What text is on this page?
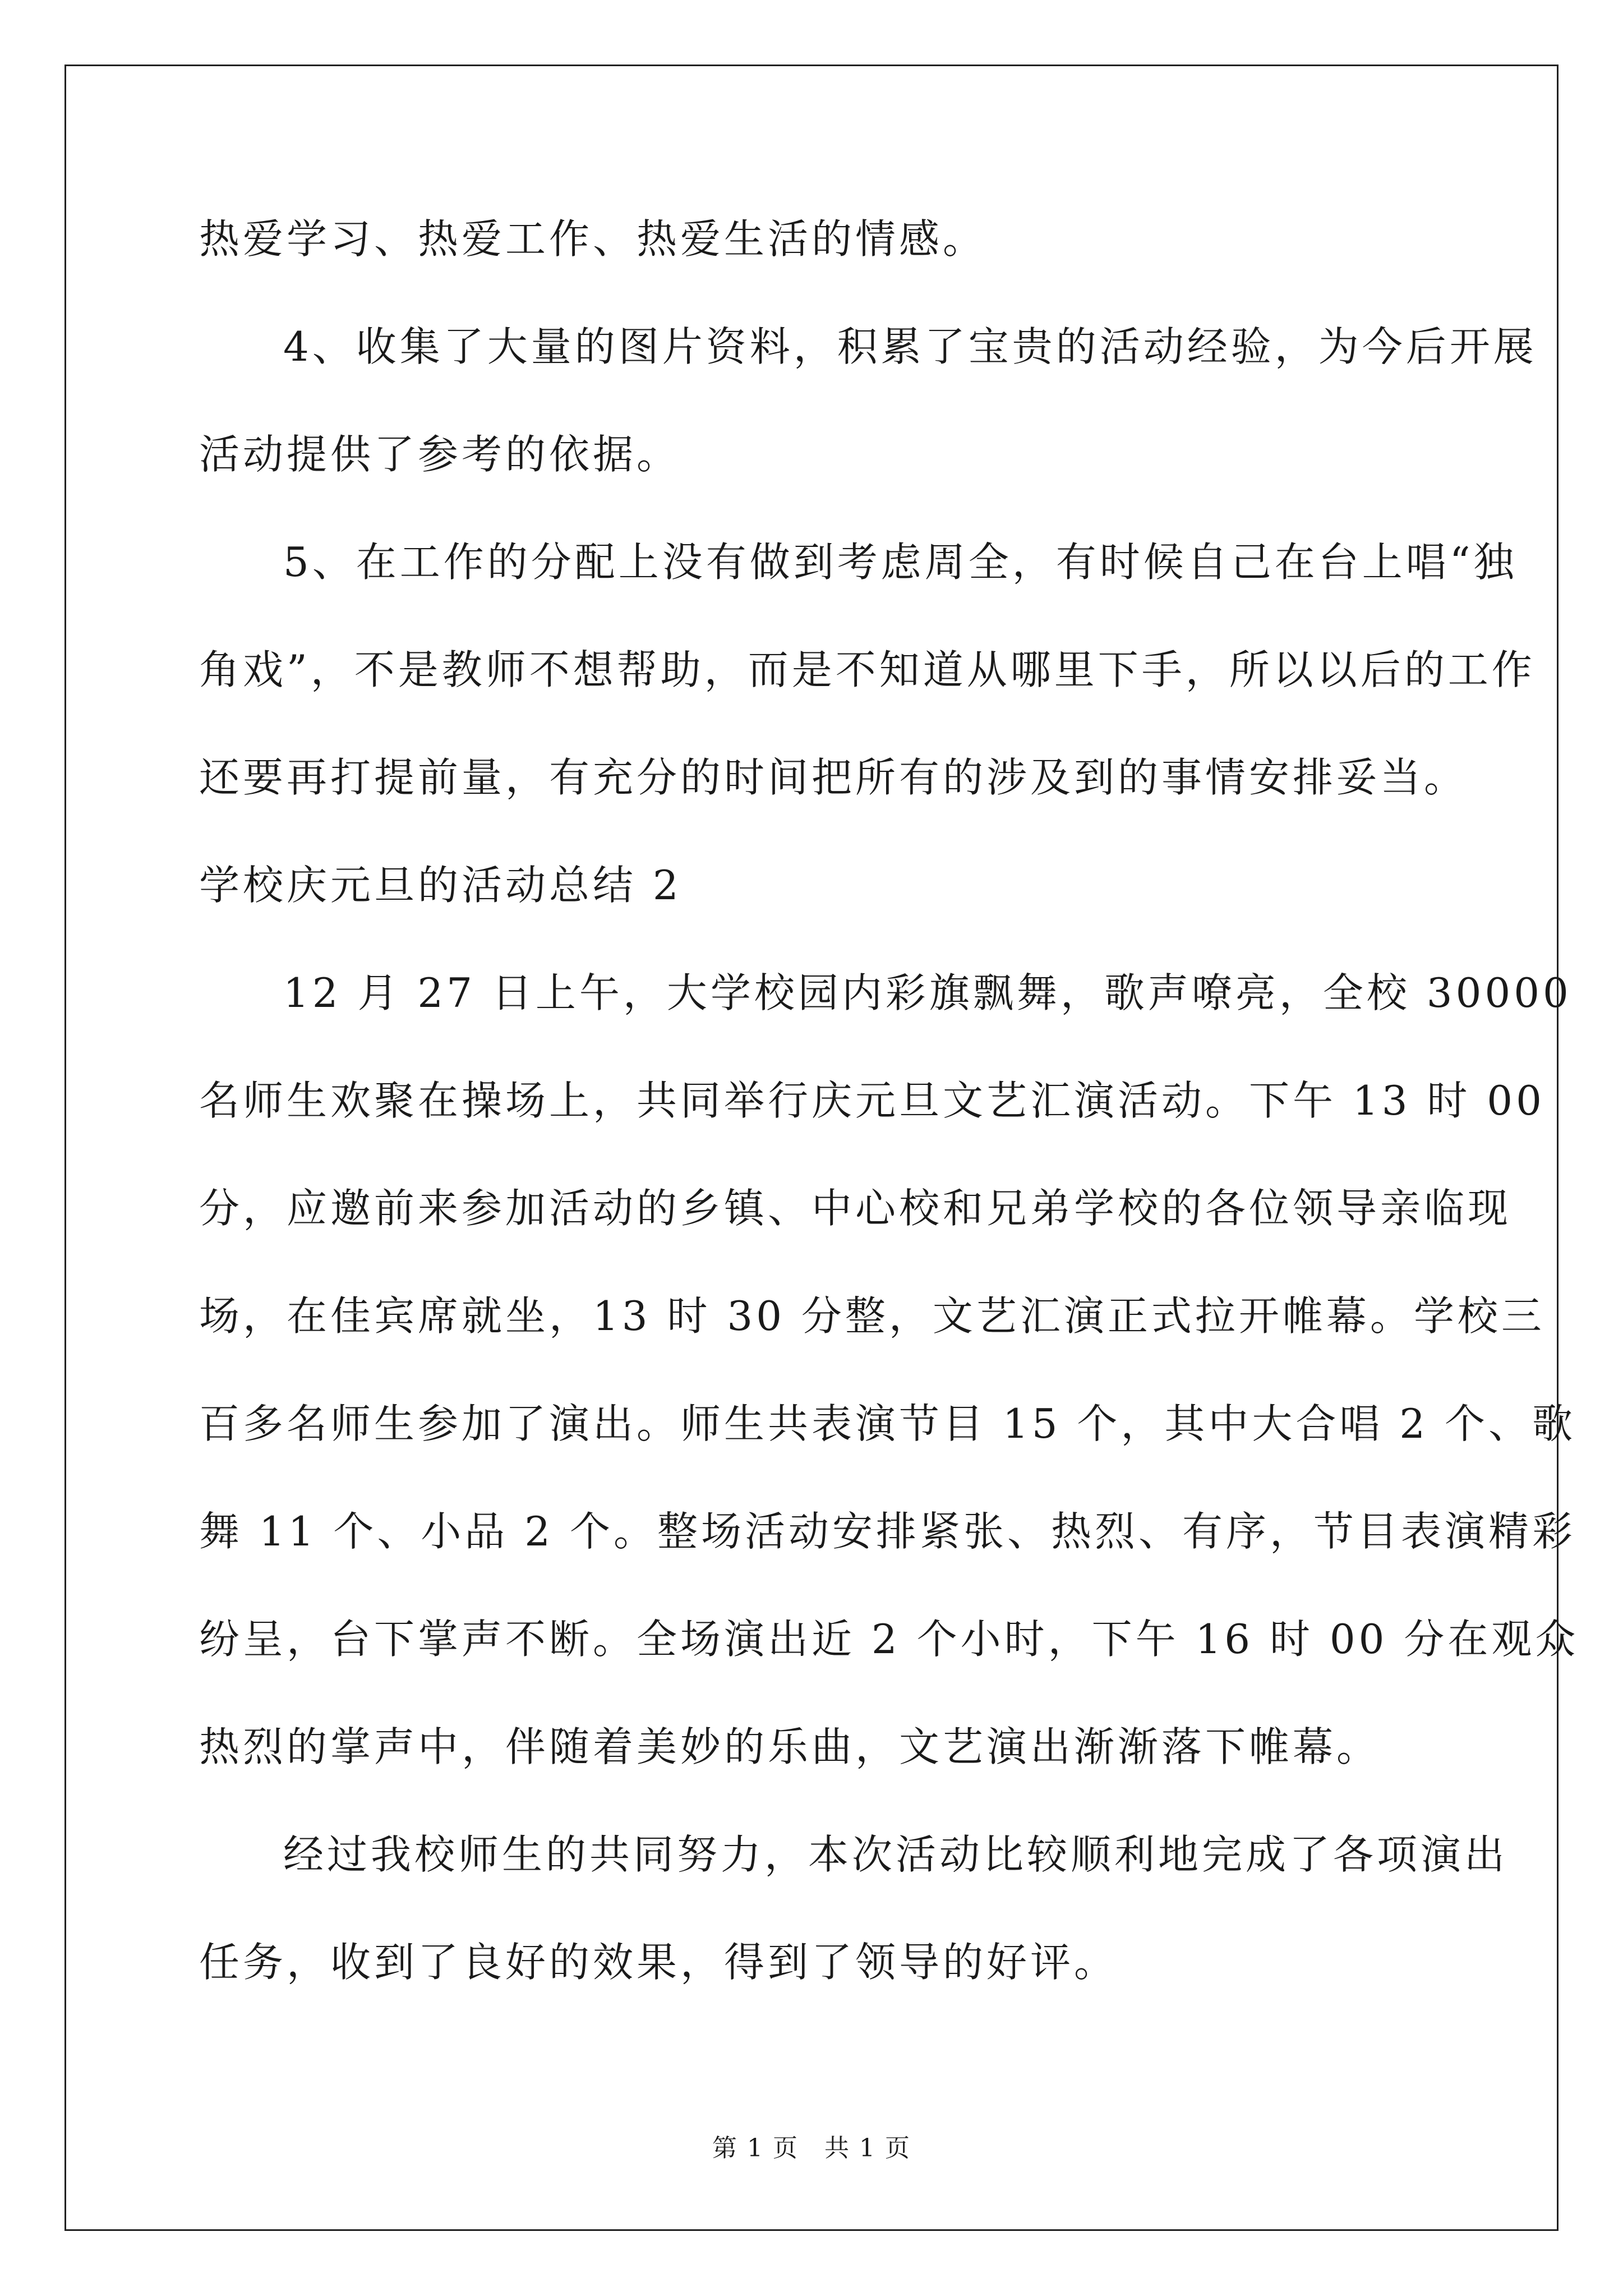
热爱学习、热爱工作、热爱生活的情感。
4、收集了大量的图片资料，积累了宝贵的活动经验，为今后开展
活动提供了参考的依据。
5、在工作的分配上没有做到考虑周全，有时候自己在台上唱“独
角戏”，不是教师不想帮助，而是不知道从哪里下手，所以以后的工作
还要再打提前量，有充分的时间把所有的涉及到的事情安排妥当。
学校庆元旦的活动总结 2
12 月 27 日上午，大学校园内彩旗飘舞，歌声嘹亮，全校 30000
名师生欢聚在操场上，共同举行庆元旦文艺汇演活动。下午 13 时 00
分，应邀前来参加活动的乡镇、中心校和兄弟学校的各位领导亲临现
场，在佳宾席就坐，13 时 30 分整，文艺汇演正式拉开帷幕。学校三
百多名师生参加了演出。师生共表演节目 15 个，其中大合唱 2 个、歌
舞 11 个、小品 2 个。整场活动安排紧张、热烈、有序，节目表演精彩
纷呈，台下掌声不断。全场演出近 2 个小时，下午 16 时 00 分在观众
热烈的掌声中，伴随着美妙的乐曲，文艺演出渐渐落下帷幕。
经过我校师生的共同努力，本次活动比较顺利地完成了各项演出
任务，收到了良好的效果，得到了领导的好评。
第 1 页　共 1 页
